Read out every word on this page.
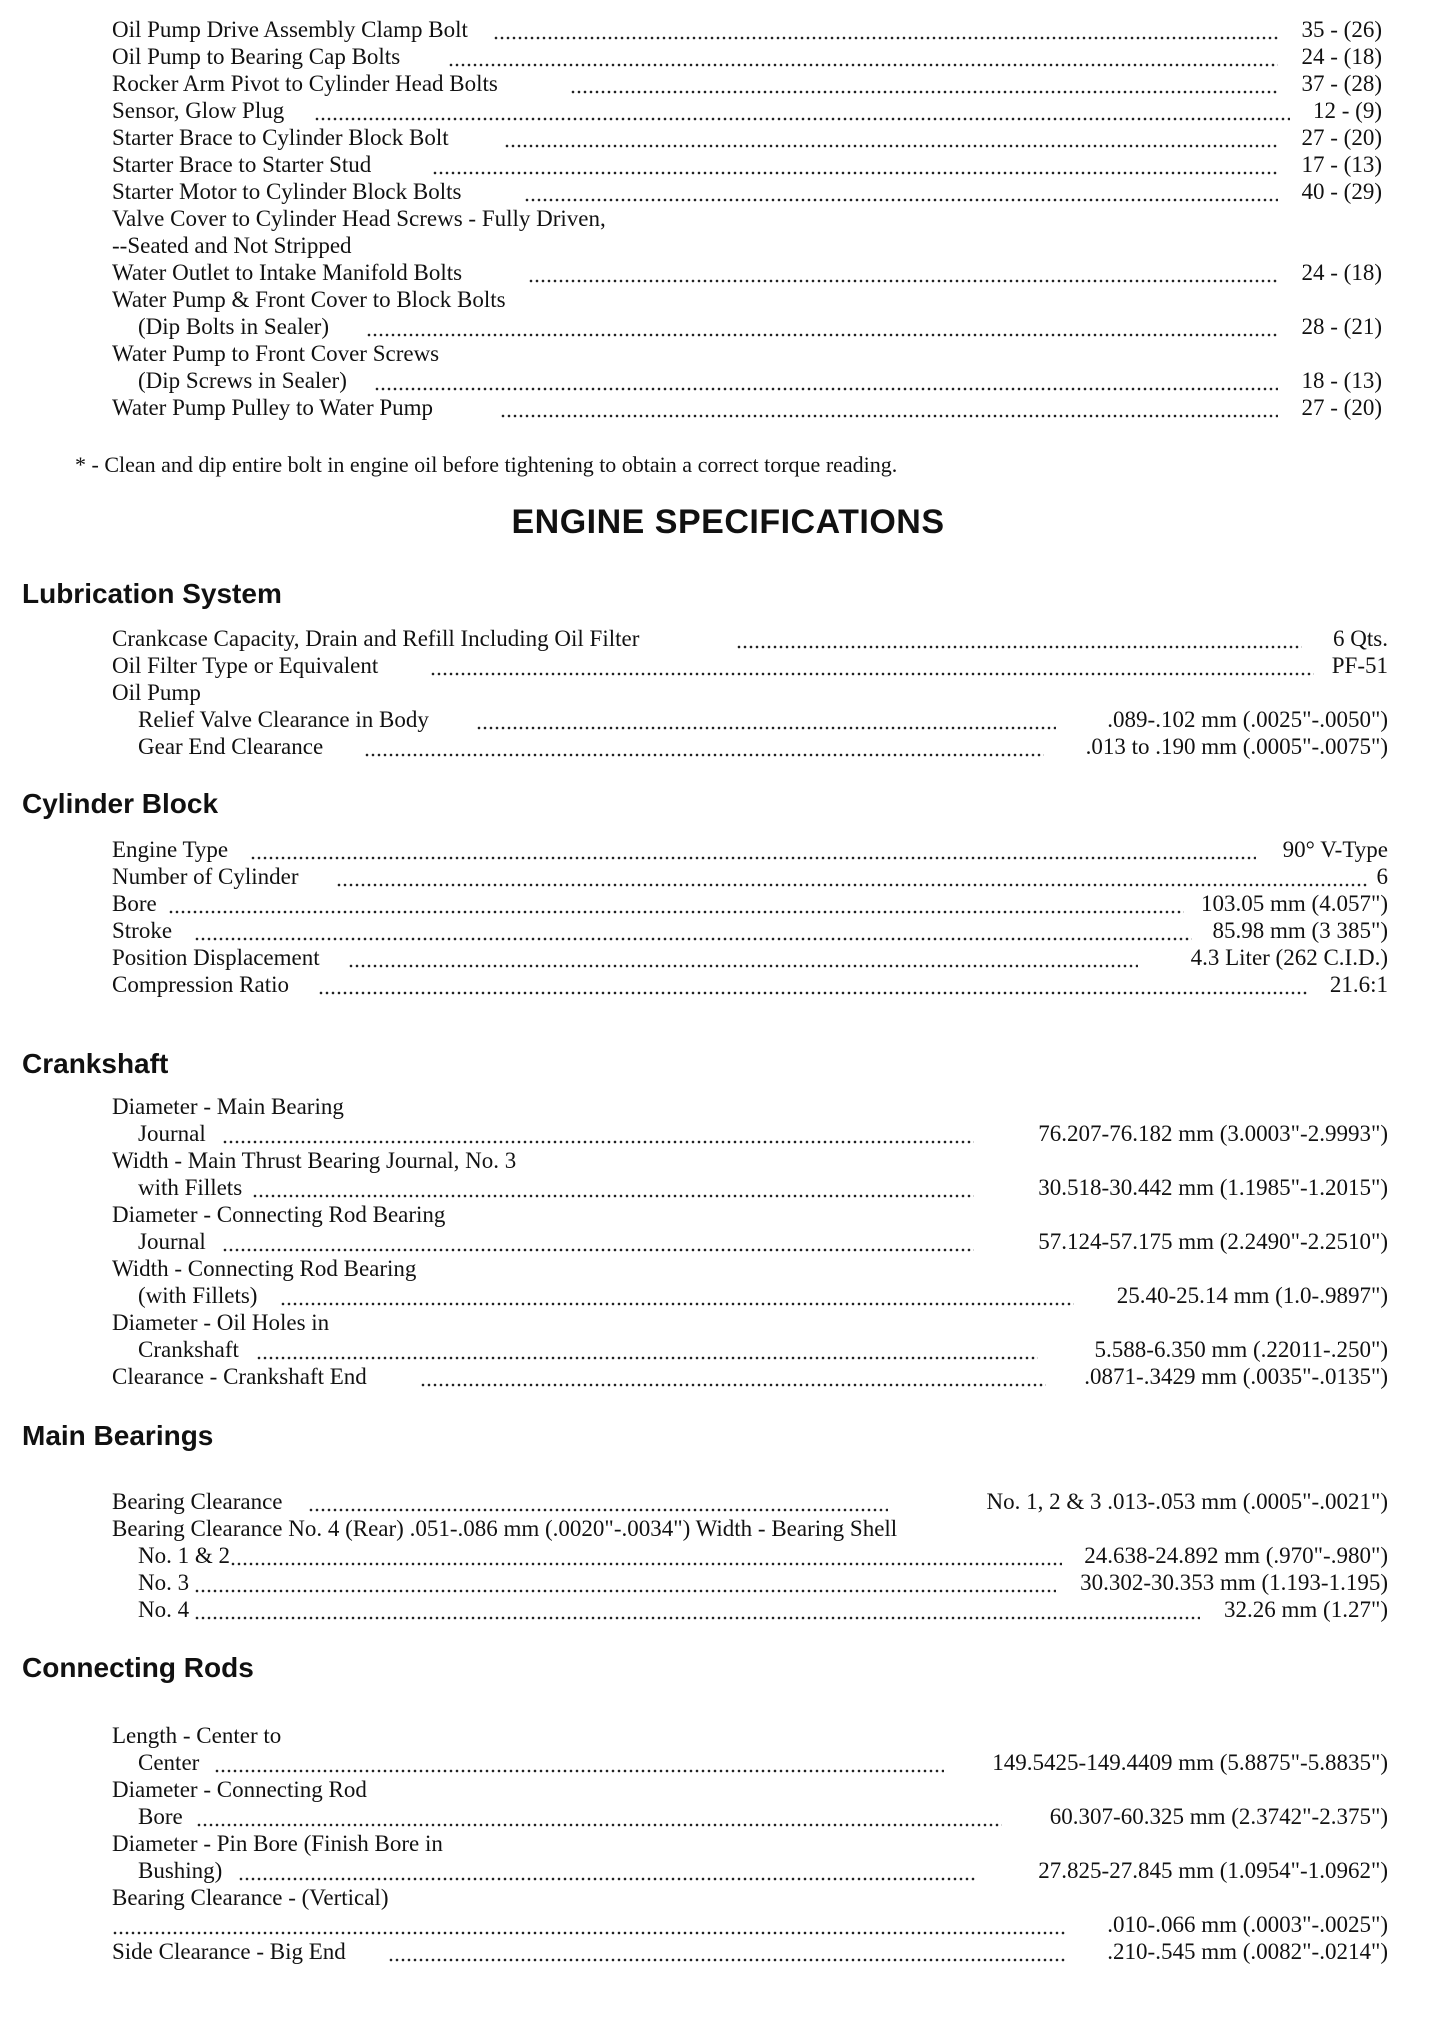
Oil Pump Drive Assembly Clamp Bolt	35 - (26)
Oil Pump to Bearing Cap Bolts	24 - (18)
Rocker Arm Pivot to Cylinder Head Bolts	37 - (28)
Sensor, Glow Plug	12 - (9)
Starter Brace to Cylinder Block Bolt	27 - (20)
Starter Brace to Starter Stud	17 - (13)
Starter Motor to Cylinder Block Bolts	40 - (29)
Valve Cover to Cylinder Head Screws - Fully Driven,
--Seated and Not Stripped
Water Outlet to Intake Manifold Bolts	24 - (18)
Water Pump & Front Cover to Block Bolts
(Dip Bolts in Sealer)	28 - (21)
Water Pump to Front Cover Screws
(Dip Screws in Sealer)	18 - (13)
Water Pump Pulley to Water Pump	27 - (20)
* - Clean and dip entire bolt in engine oil before tightening to obtain a correct torque reading.
ENGINE SPECIFICATIONS
Lubrication System
Crankcase Capacity, Drain and Refill Including Oil Filter	6 Qts.
Oil Filter Type or Equivalent	PF-51
Oil Pump
Relief Valve Clearance in Body	.089-.102 mm (.0025"-.0050")
Gear End Clearance	.013 to .190 mm (.0005"-.0075")
Cylinder Block
Engine Type	90° V-Type
Number of Cylinder	6
Bore	103.05 mm (4.057")
Stroke	85.98 mm (3 385")
Position Displacement	4.3 Liter (262 C.I.D.)
Compression Ratio	21.6:1
Crankshaft
Diameter - Main Bearing
Journal	76.207-76.182 mm (3.0003"-2.9993")
Width - Main Thrust Bearing Journal, No. 3
with Fillets	30.518-30.442 mm (1.1985"-1.2015")
Diameter - Connecting Rod Bearing
Journal	57.124-57.175 mm (2.2490"-2.2510")
Width - Connecting Rod Bearing
(with Fillets)	25.40-25.14 mm (1.0-.9897")
Diameter - Oil Holes in
Crankshaft	5.588-6.350 mm (.22011-.250")
Clearance - Crankshaft End	.0871-.3429 mm (.0035"-.0135")
Main Bearings
Bearing Clearance	No. 1, 2 & 3 .013-.053 mm (.0005"-.0021")
Bearing Clearance No. 4 (Rear) .051-.086 mm (.0020"-.0034") Width - Bearing Shell
No. 1 & 2	24.638-24.892 mm (.970"-.980")
No. 3	30.302-30.353 mm (1.193-1.195)
No. 4	32.26 mm (1.27")
Connecting Rods
Length - Center to
Center	149.5425-149.4409 mm (5.8875"-5.8835")
Diameter - Connecting Rod
Bore	60.307-60.325 mm (2.3742"-2.375")
Diameter - Pin Bore (Finish Bore in
Bushing)	27.825-27.845 mm (1.0954"-1.0962")
Bearing Clearance - (Vertical)
.010-.066 mm (.0003"-.0025")
Side Clearance - Big End	.210-.545 mm (.0082"-.0214")
